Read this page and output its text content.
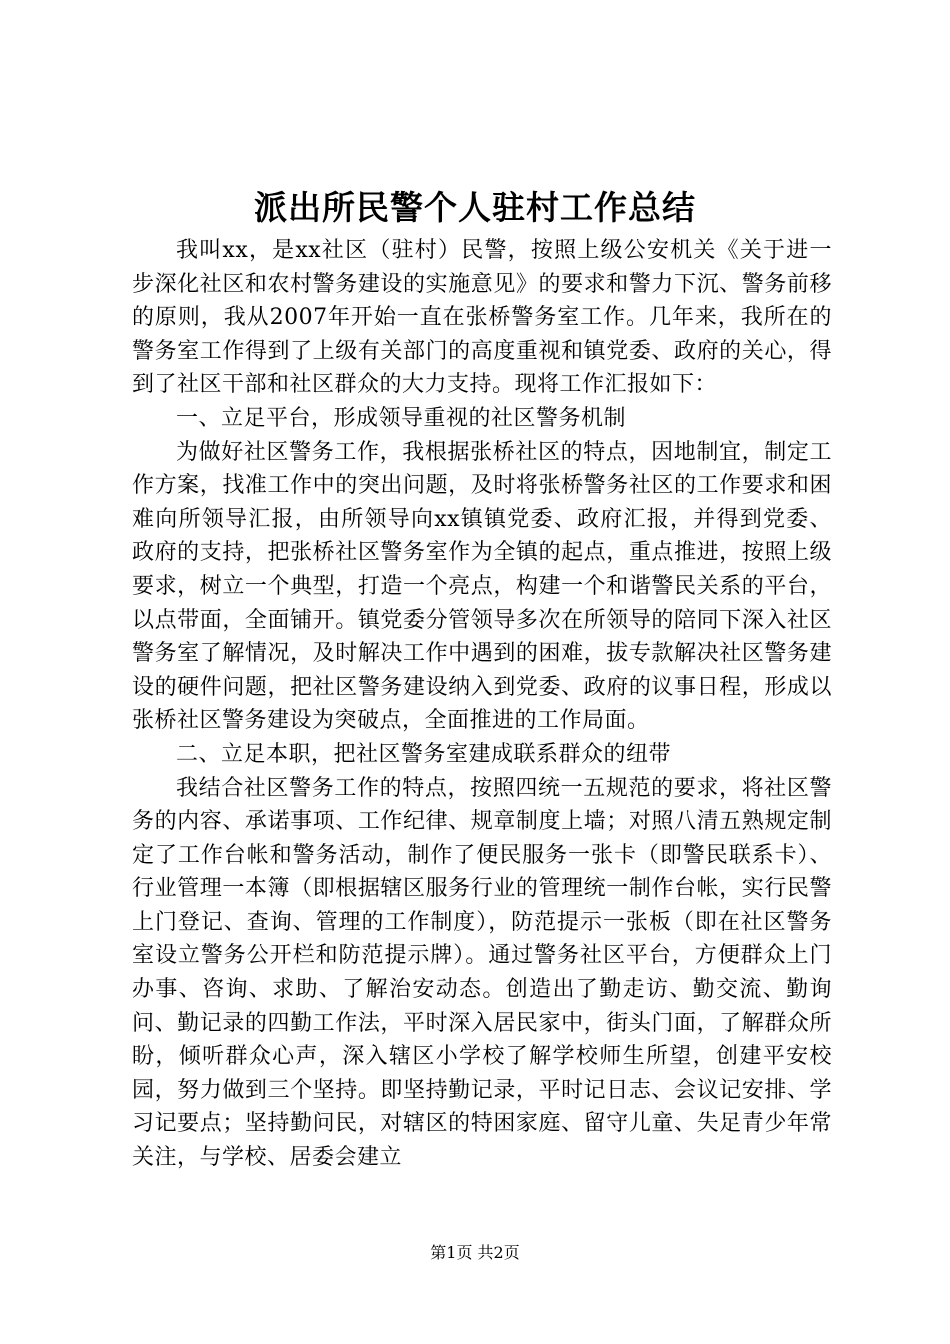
派出所民警个人驻村工作总结

我叫xx，是xx社区（驻村）民警，按照上级公安机关《关于进一步深化社区和农村警务建设的实施意见》的要求和警力下沉、警务前移的原则，我从2007年开始一直在张桥警务室工作。几年来，我所在的警务室工作得到了上级有关部门的高度重视和镇党委、政府的关心，得到了社区干部和社区群众的大力支持。现将工作汇报如下：

一、立足平台，形成领导重视的社区警务机制

为做好社区警务工作，我根据张桥社区的特点，因地制宜，制定工作方案，找准工作中的突出问题，及时将张桥警务社区的工作要求和困难向所领导汇报，由所领导向xx镇镇党委、政府汇报，并得到党委、政府的支持，把张桥社区警务室作为全镇的起点，重点推进，按照上级要求，树立一个典型，打造一个亮点，构建一个和谐警民关系的平台，以点带面，全面铺开。镇党委分管领导多次在所领导的陪同下深入社区警务室了解情况，及时解决工作中遇到的困难，拔专款解决社区警务建设的硬件问题，把社区警务建设纳入到党委、政府的议事日程，形成以张桥社区警务建设为突破点，全面推进的工作局面。

二、立足本职，把社区警务室建成联系群众的纽带

我结合社区警务工作的特点，按照四统一五规范的要求，将社区警务的内容、承诺事项、工作纪律、规章制度上墙；对照八清五熟规定制定了工作台帐和警务活动，制作了便民服务一张卡（即警民联系卡）、行业管理一本簿（即根据辖区服务行业的管理统一制作台帐，实行民警上门登记、查询、管理的工作制度），防范提示一张板（即在社区警务室设立警务公开栏和防范提示牌）。通过警务社区平台，方便群众上门办事、咨询、求助、了解治安动态。创造出了勤走访、勤交流、勤询问、勤记录的四勤工作法，平时深入居民家中，街头门面，了解群众所盼，倾听群众心声，深入辖区小学校了解学校师生所望，创建平安校园，努力做到三个坚持。即坚持勤记录，平时记日志、会议记安排、学习记要点；坚持勤问民，对辖区的特困家庭、留守儿童、失足青少年常关注，与学校、居委会建立

第1页 共2页
